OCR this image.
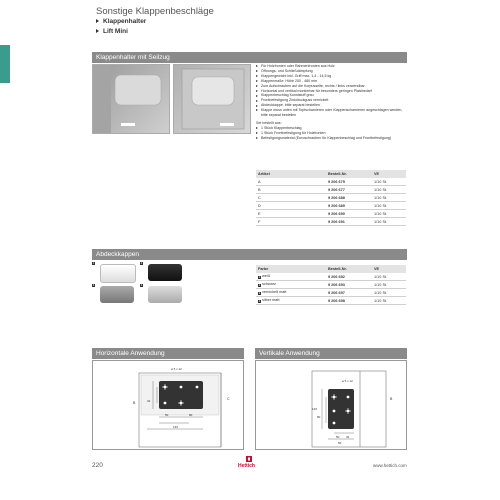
Sonstige Klappenbeschläge
Klappenhalter
Lift Mini
Klappenhalter mit Seilzug
Für Holzfronten oder Rahmenfronten aus Holz
Öffnungs- und Schließdämpfung
Klappengewicht inkl. Griff max. 1,4 - 14,5 kg
Klappenmaße: Höhe 200 - 480 mm
Zum Aufschrauben auf die Korpusseite, rechts / links verwendbar
Horizontal und vertikal montierbar für besonders geringen Platzbedarf
Klappenbeschlag Kunststoff grau
Frontbefestigung Zinkdruckguss vernickelt
Abdeckkappe, bitte separat bestellen
Klappe muss unten mit Topfscharnieren oder Klappenscharnieren angeschlagen werden, bitte separat bestellen
Set bestellt aus:
1 Stück Klappenbeschlag
1 Stück Frontbefestigung für Holzfronten
Befestigungsmaterial (Euroschrauben für Klappenbeschlag und Frontbefestigung)
Artikel	Bestell-Nr.	VE
A	9 206 675	1/10 St.
B	9 206 677	1/10 St.
C	9 206 688	1/10 St.
D	9 206 689	1/10 St.
E	9 206 690	1/10 St.
F	9 206 691	1/10 St.
Abdeckkappen
1	2
3	4
Farbe	Bestell-Nr.	VE
1 weiß	9 206 692	1/10 St.
2 schwarz	9 206 693	1/10 St.
3 vernickelt matt	9 206 697	1/10 St.
4 silber matt	9 206 698	1/10 St.
Horizontale Anwendung
ø 5 x 12
32
50	80
146
B
C
Vertikale Anwendung
ø 5 x 12
146
80
50 32
50
B
220	Hettich	www.hettich.com
